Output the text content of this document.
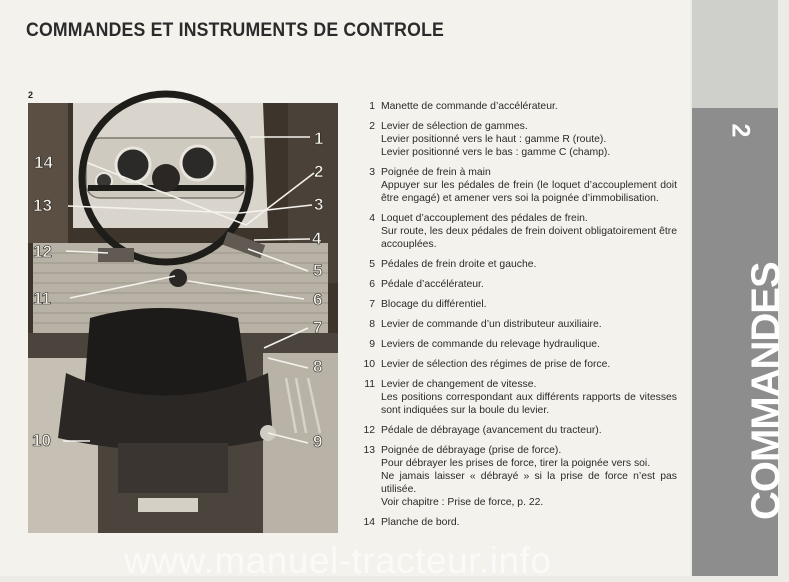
COMMANDES ET INSTRUMENTS DE CONTROLE
2
1
14	2
3
13
4
12
5
11	6
7
8
10	9
1 Manette de commande d’accélérateur.
2 Levier de sélection de gammes.
Levier positionné vers le haut : gamme R (route).
Levier positionné vers le bas : gamme C (champ).
3 Poignée de frein à main
Appuyer sur les pédales de frein (le loquet d’accouplement doit être engagé) et amener vers soi la poignée d’immobilisation.
4 Loquet d’accouplement des pédales de frein.
Sur route, les deux pédales de frein doivent obligatoirement être accouplées.
5 Pédales de frein droite et gauche.
6 Pédale d’accélérateur.
7 Blocage du différentiel.
8 Levier de commande d’un distributeur auxiliaire.
9 Leviers de commande du relevage hydraulique.
10 Levier de sélection des régimes de prise de force.
11 Levier de changement de vitesse.
Les positions correspondant aux différents rapports de vitesses sont indiquées sur la boule du levier.
12 Pédale de débrayage (avancement du tracteur).
13 Poignée de débrayage (prise de force).
Pour débrayer les prises de force, tirer la poignée vers soi.
Ne jamais laisser « débrayé » si la prise de force n’est pas utilisée.
Voir chapitre : Prise de force, p. 22.
14 Planche de bord.
2
COMMANDES
www.manuel-tracteur.info
